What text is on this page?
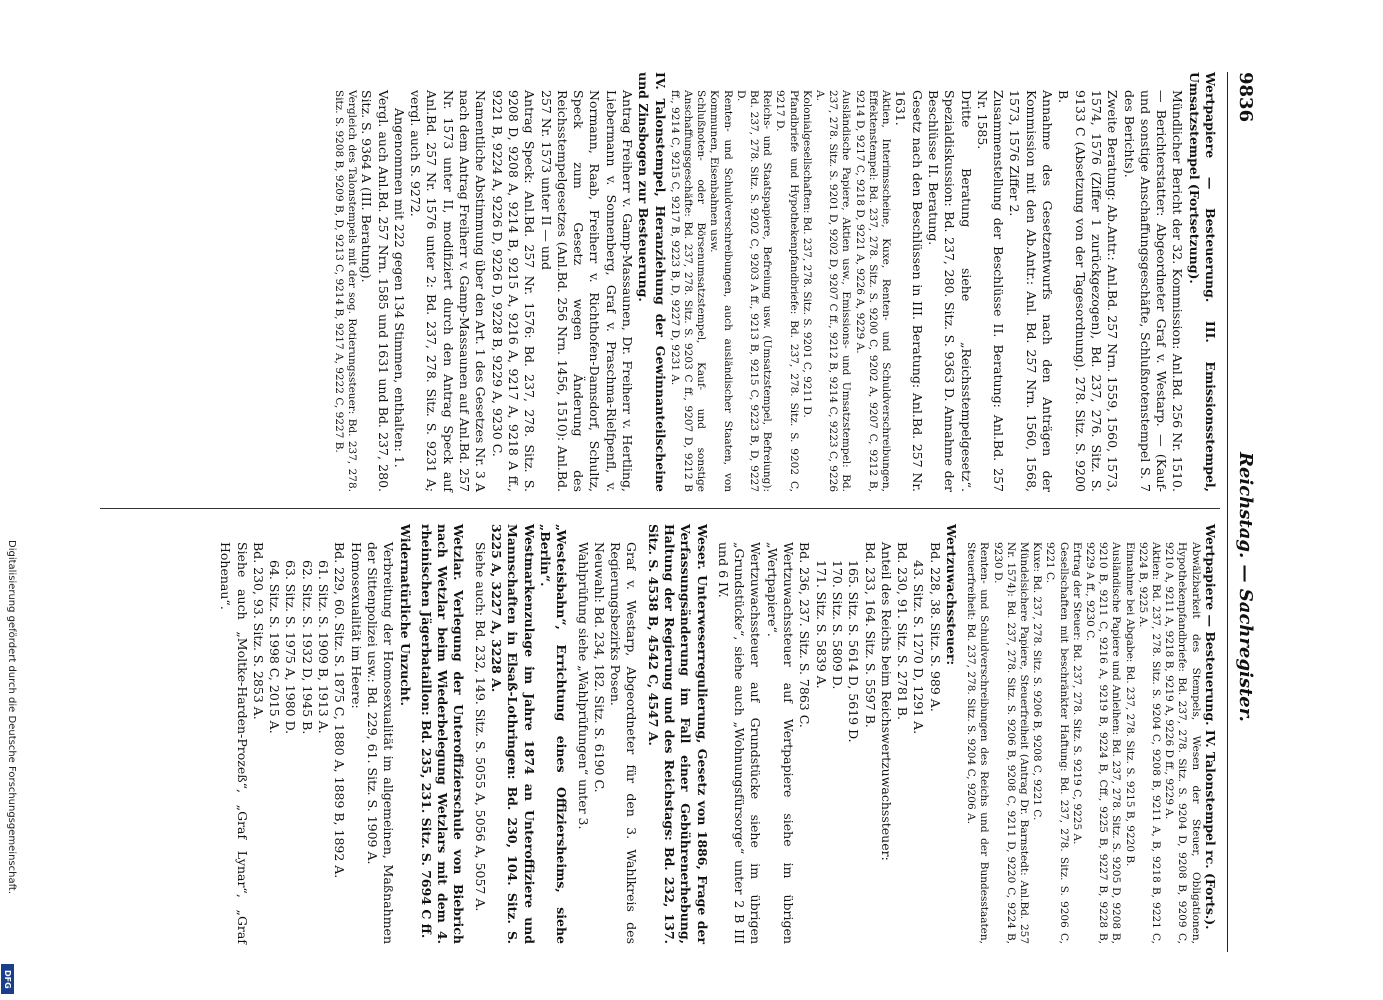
9836
Reichstag. — Sachregister.

Wertpapiere — Besteuerung. III. Emissionsstempel, Umsatzstempel (Fortsetzung).

Mündlicher Bericht der 32. Kommission: Anl.Bd. 256 Nr. 1510. — Berichterstatter: Abgeordneter Graf v. Westarp. — (Kauf- und sonstige Anschaffungsgeschäfte, Schlußnotenstempel S. 7 des Berichts).

Zweite Beratung: Ab.Antr.: Anl.Bd. 257 Nrn. 1559, 1560, 1573, 1574, 1576 (Ziffer 1 zurückgezogen), Bd. 237, 276. Sitz. S. 9133 C (Absetzung von der Tagesordnung). 278. Sitz. S. 9200 B.

Annahme des Gesetzentwurfs nach den Anträgen der Kommission mit den Ab.Antr.: Anl. Bd. 257 Nrn. 1560, 1568, 1573, 1576 Ziffer 2.

Zusammenstellung der Beschlüsse II. Beratung: Anl.Bd. 257 Nr. 1585.

Dritte Beratung siehe „Reichsstempelgesetz“. Spezialdiskussion: Bd. 237, 280. Sitz. S. 9363 D. Annahme der Beschlüsse II. Beratung.

Gesetz nach den Beschlüssen in III. Beratung: Anl.Bd. 257 Nr. 1631.

Aktien, Interimsscheine, Kuxe, Renten- und Schuldverschreibungen, Effektenstempel: Bd. 237, 278. Sitz. S. 9200 C, 9202 A, 9207 C, 9212 B, 9214 D, 9217 C, 9218 D, 9221 A, 9226 A, 9229 A.

Ausländische Papiere, Aktien usw., Emissions- und Umsatzstempel: Bd. 237, 278. Sitz. S. 9201 D, 9202 D, 9207 C ff., 9212 B, 9214 C, 9223 C, 9226 A.

Kolonialgesellschaften: Bd. 237, 278. Sitz. S. 9201 C, 9211 D.

Pfandbriefe und Hypothekenpfandbriefe: Bd. 237, 278. Sitz. S. 9202 C, 9217 D.

Reichs- und Staatspapiere, Befreiung usw. (Umsatzstempel, Befreiung): Bd. 237, 278. Sitz. S. 9202 C, 9203 A ff., 9213 B, 9215 C, 9223 B, D, 9227 D.

Renten- und Schuldverschreibungen, auch ausländischer Staaten, von Kommunen, Eisenbahnen usw.

Schlußnoten- oder Börsenumsatzstempel, Kauf- und sonstige Anschaffungsgeschäfte: Bd. 237, 278. Sitz. S. 9203 C ff., 9207 D, 9212 B ff., 9214 C, 9215 C, 9217 B, 9223 B, D, 9227 D, 9231 A.

IV. Talonstempel, Heranziehung der Gewinnanteilscheine und Zinsbogen zur Besteuerung.

Antrag Freiherr v. Gamp-Massaunen, Dr. Freiherr v. Hertling, Liebermann v. Sonnenberg, Graf v. Praschma-Rielfpenfl, v. Normann, Raab, Freiherr v. Richthofen-Damsdorf, Schultz, Speck zum Gesetz wegen Änderung des Reichsstempelgesetzes (Anl.Bd. 256 Nrn. 1456, 1510): Anl.Bd. 257 Nr. 1573 unter II — und

Antrag Speck: Anl.Bd. 257 Nr. 1576: Bd. 237, 278. Sitz. S. 9208 D, 9208 A, 9214 B, 9215 A, 9216 A, 9217 A, 9218 A ff., 9221 B, 9224 A, 9226 D, 9226 D, 9228 B, 9229 A, 9230 C.

Namentliche Abstimmung über den Art. 1 des Gesetzes Nr. 3 A nach dem Antrag Freiherr v. Gamp-Massaunen auf Anl.Bd. 257 Nr. 1573 unter II, modifiziert durch den Antrag Speck auf Anl.Bd. 257 Nr. 1576 unter 2: Bd. 237, 278. Sitz. S. 9231 A; vergl. auch S. 9272.

Angenommen mit 222 gegen 134 Stimmen, enthalten: 1.

Vergl. auch Anl.Bd. 257 Nrn. 1585 und 1631 und Bd. 237, 280. Sitz. S. 9364 A (III. Beratung).

Vergleich des Talonstempels mit der sog. Rotierungssteuer: Bd. 237, 278. Sitz. S. 9208 B, 9209 B, D, 9213 C, 9214 B, 9217 A, 9222 C, 9227 B.

Wertpapiere — Besteuerung. IV. Talonstempel rc. (Forts.).

Abwälzbarkeit des Stempels, Wesen der Steuer, Obligationen, Hypothekenpfandbriefe: Bd. 237, 278. Sitz. S. 9204 D, 9208 B, 9209 C, 9210 A, 9211 A, 9218 B, 9219 A, 9226 D ff., 9229 A.

Aktien: Bd. 237, 278. Sitz. S. 9204 C, 9208 B, 9211 A, B, 9218 B, 9221 C, 9224 B, 9225 A.

Einnahme bei Abgabe: Bd. 237, 278. Sitz. S. 9215 B, 9220 B.

Ausländische Papiere und Anleihen: Bd. 237, 278. Sitz. S. 9205 D, 9208 B, 9210 B, 9211 C, 9216 A, 9219 B, 9224 B, Cff., 9225 B, 9227 B, 9228 B, 9229 A ff., 9230 C.

Ertrag der Steuer: Bd. 237, 278. Sitz. S. 9219 C, 9225 A.

Gesellschaften mit beschränkter Haftung: Bd. 237, 278. Sitz. S. 9206 C, 9221 C.

Kuxe: Bd. 237, 278. Sitz. S. 9206 B, 9208 C, 9221 C.

Mündelsichere Papiere, Steuerfreiheit (Antrag Dr. Barnstedt: Anl.Bd. 257 Nr. 1574): Bd. 237, 278. Sitz. S. 9206 B, 9208 C, 9211 D, 9220 C, 9224 B, 9230 D.

Renten- und Schuldverschreibungen des Reichs und der Bundesstaaten, Steuerfreiheit: Bd. 237, 278. Sitz. S. 9204 C, 9206 A.

Wertzuwachssteuer:

Bd. 228, 38. Sitz. S. 989 A.

43. Sitz. S. 1270 D, 1291 A.

Bd. 230, 91. Sitz. S. 2781 B.

Anteil des Reichs beim Reichswertzuwachssteuer:

Bd. 233, 164. Sitz. S. 5597 B.

165. Sitz. S. 5614 D, 5619 D.

170. Sitz. S. 5809 D.

171. Sitz. S. 5839 A.

Bd. 236, 237. Sitz. S. 7863 C.

Wertzuwachssteuer auf Wertpapiere siehe im übrigen „Wertpapiere“.

Wertzuwachssteuer auf Grundstücke siehe im übrigen „Grundstücke“, siehe auch „Wohnungsfürsorge“ unter 2 B III und 6 IV.

Weser. Unterweserregulierung, Gesetz von 1886, Frage der Verfassungsänderung im Fall einer Gebührenerhebung, Haltung der Regierung und des Reichstags: Bd. 232, 137. Sitz. S. 4538 B, 4542 C, 4547 A.

Graf v. Westarp, Abgeordneter für den 3. Wahlkreis des Regierungsbezirks Posen.

Neuwahl: Bd. 234, 182. Sitz. S. 6190 C.

Wahlprüfung siehe „Wahlprüfungen“ unter 3.

„Westeisbahn“, Errichtung eines Offiziersheims, siehe „Berlin“.

Westmarkenzulage im Jahre 1874 an Unteroffiziere und Mannschaften in Elsaß-Lothringen: Bd. 230, 104. Sitz. S. 3225 A, 3227 A, 3228 A.

Siehe auch: Bd. 232, 149. Sitz. S. 5055 A, 5056 A, 5057 A.

Wetzlar. Verlegung der Unteroffizierschule von Biebrich nach Wetzlar beim Wiederbelegung Wetzlars mit dem 4. rheinischen Jägerbataillon: Bd. 235, 231. Sitz. S. 7694 C ff.

Widernatürliche Unzucht.

Verbreitung der Homosexualität im allgemeinen, Maßnahmen der Sittenpolizei usw.: Bd. 229, 61. Sitz. S. 1909 A.

Homosexualität im Heere:

Bd. 229, 60. Sitz. S. 1875 C, 1880 A, 1889 B, 1892 A.

61. Sitz. S. 1909 B, 1913 A.

62. Sitz. S. 1932 D, 1945 B.

63. Sitz. S. 1975 A, 1980 D.

64. Sitz. S. 1998 C, 2015 A.

Bd. 230, 93. Sitz. S. 2853 A.

Siehe auch „Moltke-Harden-Prozeß“, „Graf Lynar“, „Graf Hohenau“.

Digitalisierung gefördert durch die Deutsche Forschungsgemeinschaft.
DFG
